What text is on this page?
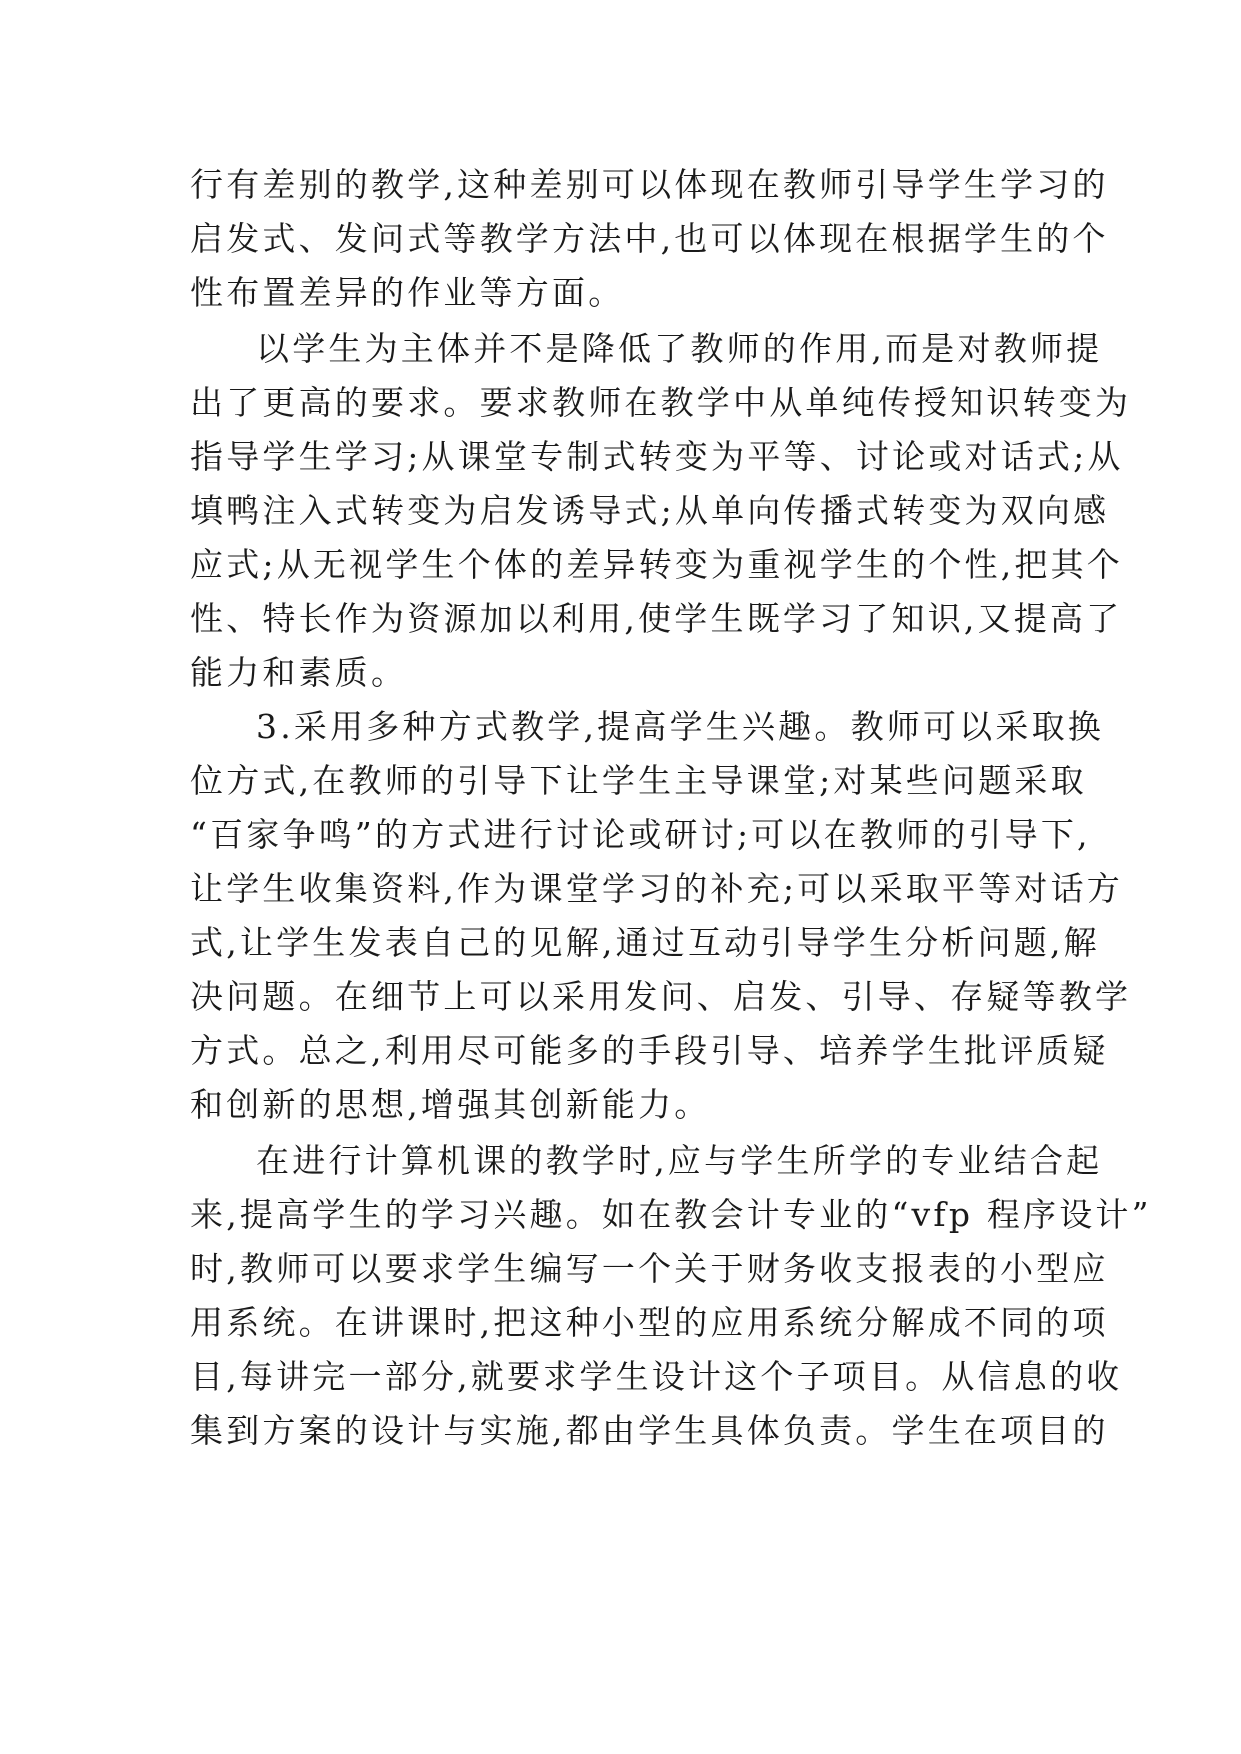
行有差别的教学,这种差别可以体现在教师引导学生学习的
启发式、发问式等教学方法中,也可以体现在根据学生的个
性布置差异的作业等方面。
以学生为主体并不是降低了教师的作用,而是对教师提
出了更高的要求。要求教师在教学中从单纯传授知识转变为
指导学生学习;从课堂专制式转变为平等、讨论或对话式;从
填鸭注入式转变为启发诱导式;从单向传播式转变为双向感
应式;从无视学生个体的差异转变为重视学生的个性,把其个
性、特长作为资源加以利用,使学生既学习了知识,又提高了
能力和素质。
3.采用多种方式教学,提高学生兴趣。教师可以采取换
位方式,在教师的引导下让学生主导课堂;对某些问题采取
“百家争鸣”的方式进行讨论或研讨;可以在教师的引导下,
让学生收集资料,作为课堂学习的补充;可以采取平等对话方
式,让学生发表自己的见解,通过互动引导学生分析问题,解
决问题。在细节上可以采用发问、启发、引导、存疑等教学
方式。总之,利用尽可能多的手段引导、培养学生批评质疑
和创新的思想,增强其创新能力。
在进行计算机课的教学时,应与学生所学的专业结合起
来,提高学生的学习兴趣。如在教会计专业的“vfp 程序设计”
时,教师可以要求学生编写一个关于财务收支报表的小型应
用系统。在讲课时,把这种小型的应用系统分解成不同的项
目,每讲完一部分,就要求学生设计这个子项目。从信息的收
集到方案的设计与实施,都由学生具体负责。学生在项目的
